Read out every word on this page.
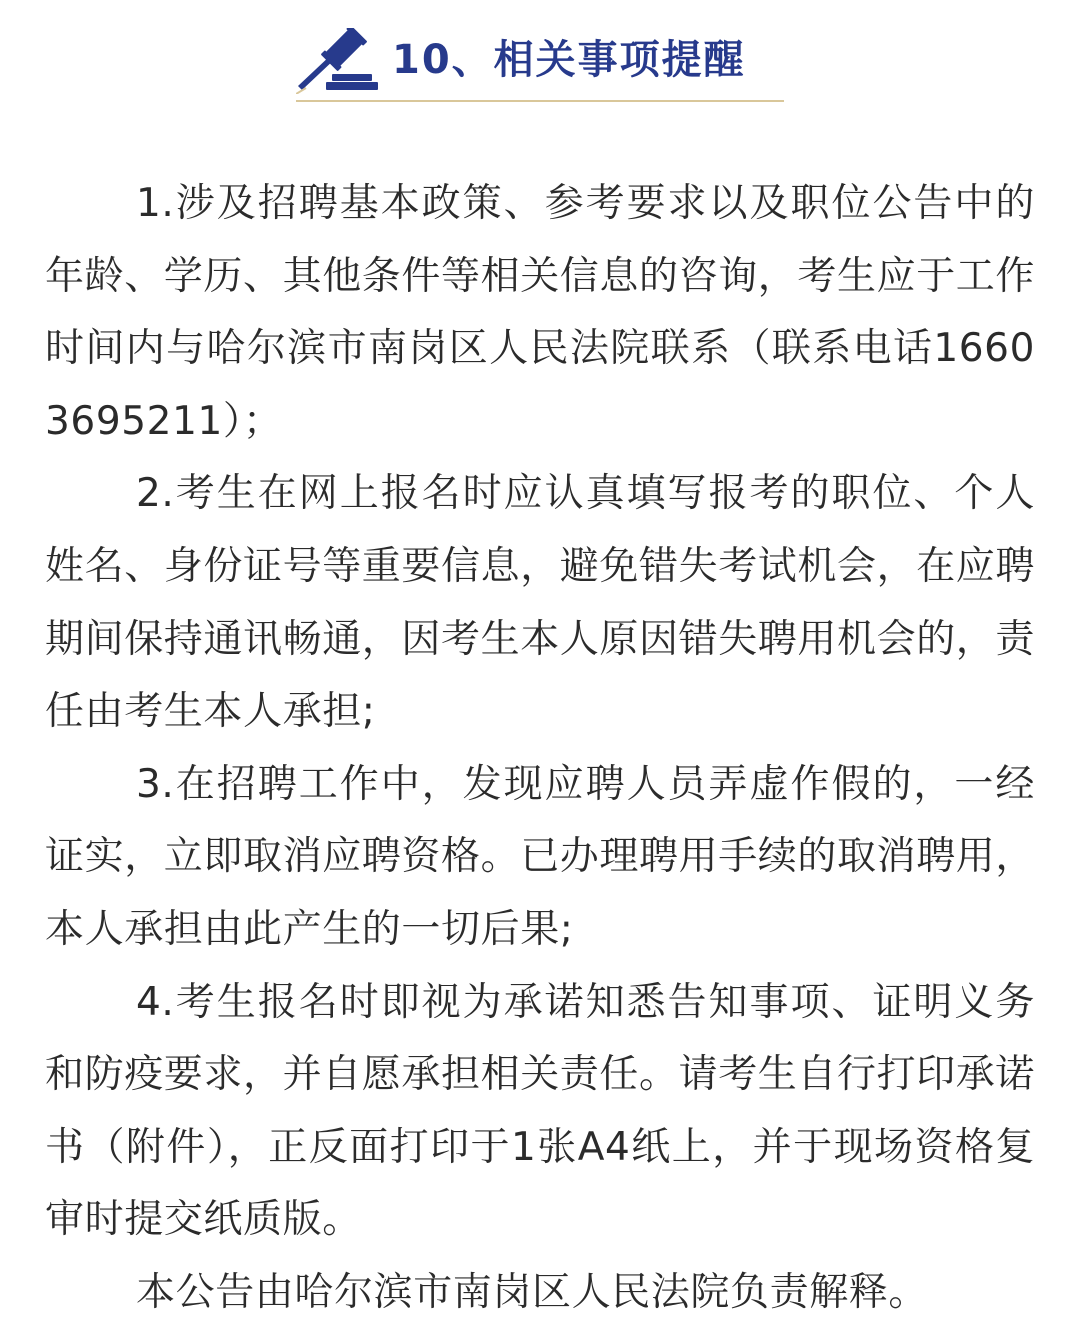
10、相关事项提醒

1.涉及招聘基本政策、参考要求以及职位公告中的年龄、学历、其他条件等相关信息的咨询，考生应于工作时间内与哈尔滨市南岗区人民法院联系（联系电话16603695211）；

2.考生在网上报名时应认真填写报考的职位、个人姓名、身份证号等重要信息，避免错失考试机会，在应聘期间保持通讯畅通，因考生本人原因错失聘用机会的，责任由考生本人承担;

3.在招聘工作中，发现应聘人员弄虚作假的，一经证实，立即取消应聘资格。已办理聘用手续的取消聘用，本人承担由此产生的一切后果;

4.考生报名时即视为承诺知悉告知事项、证明义务和防疫要求，并自愿承担相关责任。请考生自行打印承诺书（附件），正反面打印于1张A4纸上，并于现场资格复审时提交纸质版。

本公告由哈尔滨市南岗区人民法院负责解释。
